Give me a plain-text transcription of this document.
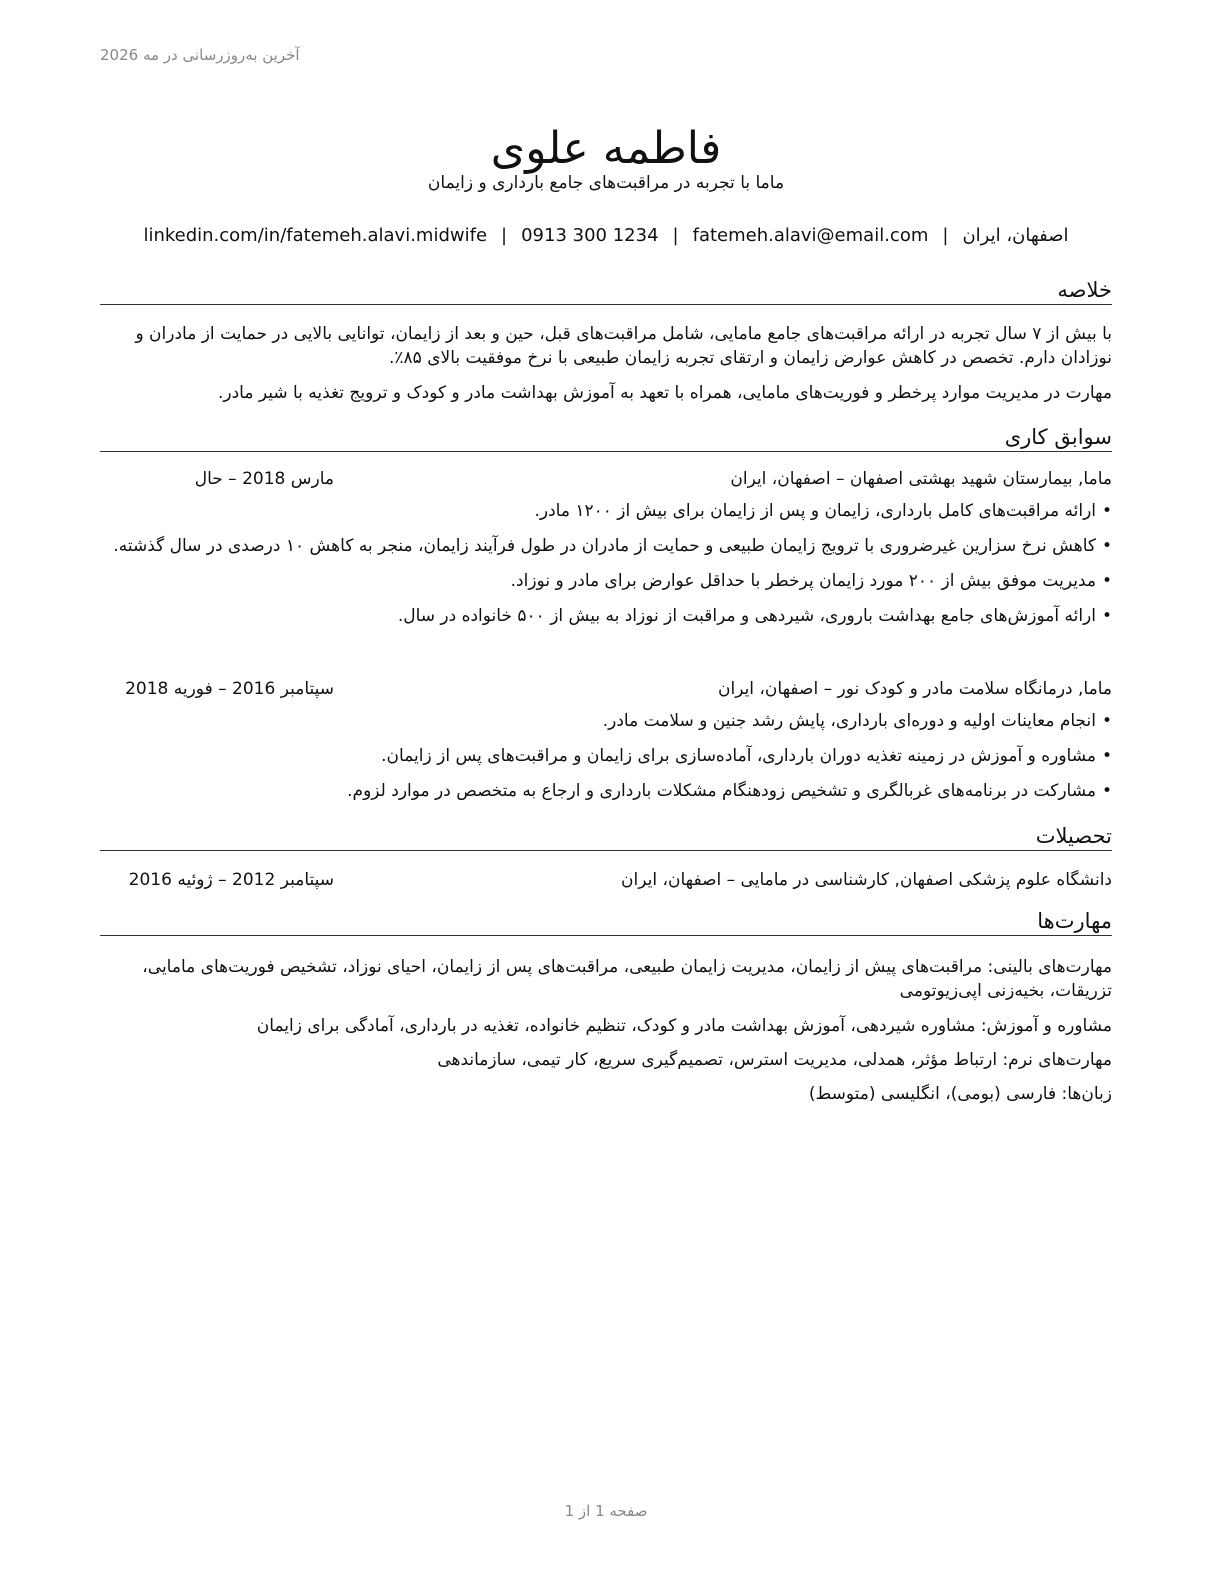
آخرین به‌روزرسانی در مه 2026
فاطمه علوی
ماما با تجربه در مراقبت‌های جامع بارداری و زایمان
اصفهان، ایران|fatemeh.alavi@email.com|0913 300 1234|linkedin.com/in/fatemeh.alavi.midwife
خلاصه

با بیش از ۷ سال تجربه در ارائه مراقبت‌های جامع مامایی، شامل مراقبت‌های قبل، حین و بعد از زایمان، توانایی بالایی در حمایت از مادران و نوزادان دارم. تخصص در کاهش عوارض زایمان و ارتقای تجربه زایمان طبیعی با نرخ موفقیت بالای ۸۵٪.

مهارت در مدیریت موارد پرخطر و فوریت‌های مامایی، همراه با تعهد به آموزش بهداشت مادر و کودک و ترویج تغذیه با شیر مادر.

سوابق کاری
ماما, بیمارستان شهید بهشتی اصفهان – اصفهان، ایران
مارس 2018 – حال
• ارائه مراقبت‌های کامل بارداری، زایمان و پس از زایمان برای بیش از ۱۲۰۰ مادر.
• کاهش نرخ سزارین غیرضروری با ترویج زایمان طبیعی و حمایت از مادران در طول فرآیند زایمان، منجر به کاهش ۱۰ درصدی در سال گذشته.
• مدیریت موفق بیش از ۲۰۰ مورد زایمان پرخطر با حداقل عوارض برای مادر و نوزاد.
• ارائه آموزش‌های جامع بهداشت باروری، شیردهی و مراقبت از نوزاد به بیش از ۵۰۰ خانواده در سال.
ماما, درمانگاه سلامت مادر و کودک نور – اصفهان، ایران
سپتامبر 2016 – فوریه 2018
• انجام معاینات اولیه و دوره‌ای بارداری، پایش رشد جنین و سلامت مادر.
• مشاوره و آموزش در زمینه تغذیه دوران بارداری، آماده‌سازی برای زایمان و مراقبت‌های پس از زایمان.
• مشارکت در برنامه‌های غربالگری و تشخیص زودهنگام مشکلات بارداری و ارجاع به متخصص در موارد لزوم.
تحصیلات
دانشگاه علوم پزشکی اصفهان, کارشناسی در مامایی – اصفهان، ایران
سپتامبر 2012 – ژوئیه 2016
مهارت‌ها

مهارت‌های بالینی: مراقبت‌های پیش از زایمان، مدیریت زایمان طبیعی، مراقبت‌های پس از زایمان، احیای نوزاد، تشخیص فوریت‌های مامایی، تزریقات، بخیه‌زنی اپی‌زیوتومی

مشاوره و آموزش: مشاوره شیردهی، آموزش بهداشت مادر و کودک، تنظیم خانواده، تغذیه در بارداری، آمادگی برای زایمان

مهارت‌های نرم: ارتباط مؤثر، همدلی، مدیریت استرس، تصمیم‌گیری سریع، کار تیمی، سازماندهی

زبان‌ها: فارسی (بومی)، انگلیسی (متوسط)

صفحه 1 از 1
